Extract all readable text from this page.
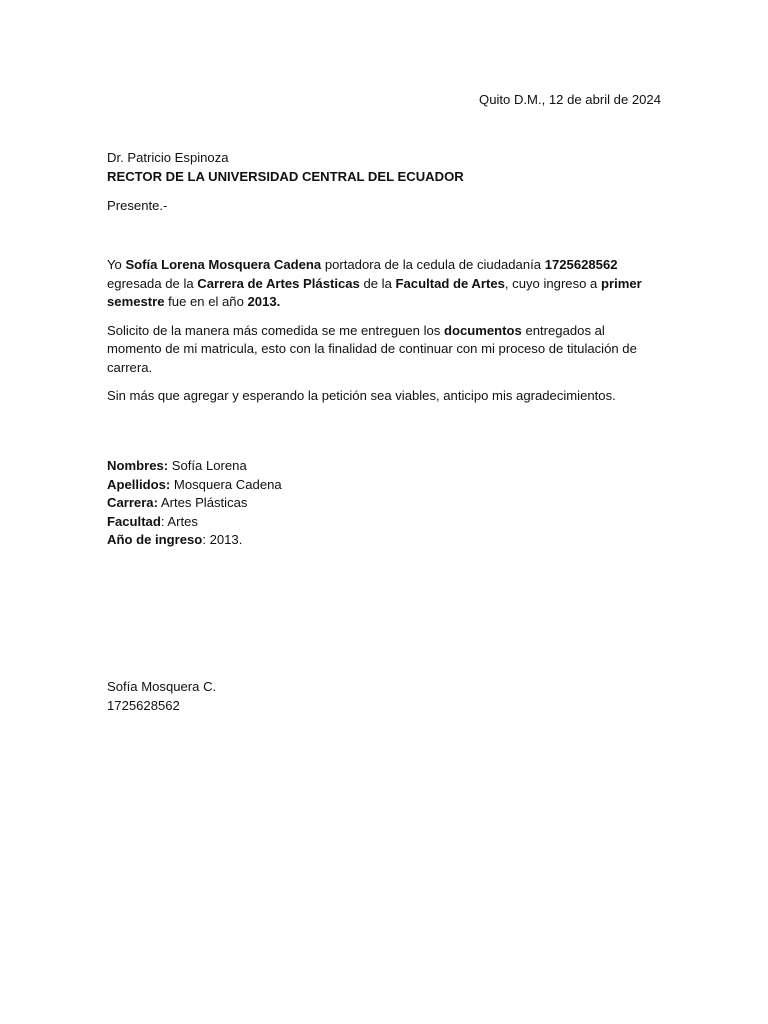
Quito D.M., 12 de abril de 2024
Dr. Patricio Espinoza
RECTOR DE LA UNIVERSIDAD CENTRAL DEL ECUADOR
Presente.-

Yo Sofía Lorena Mosquera Cadena portadora de la cedula de ciudadanía 1725628562 egresada de la Carrera de Artes Plásticas de la Facultad de Artes, cuyo ingreso a primer semestre fue en el año 2013.

Solicito de la manera más comedida se me entreguen los documentos entregados al momento de mi matricula, esto con la finalidad de continuar con mi proceso de titulación de carrera.

Sin más que agregar y esperando la petición sea viables, anticipo mis agradecimientos.

Nombres: Sofía Lorena
Apellidos: Mosquera Cadena
Carrera: Artes Plásticas
Facultad: Artes
Año de ingreso: 2013.
Sofía Mosquera C.
1725628562
